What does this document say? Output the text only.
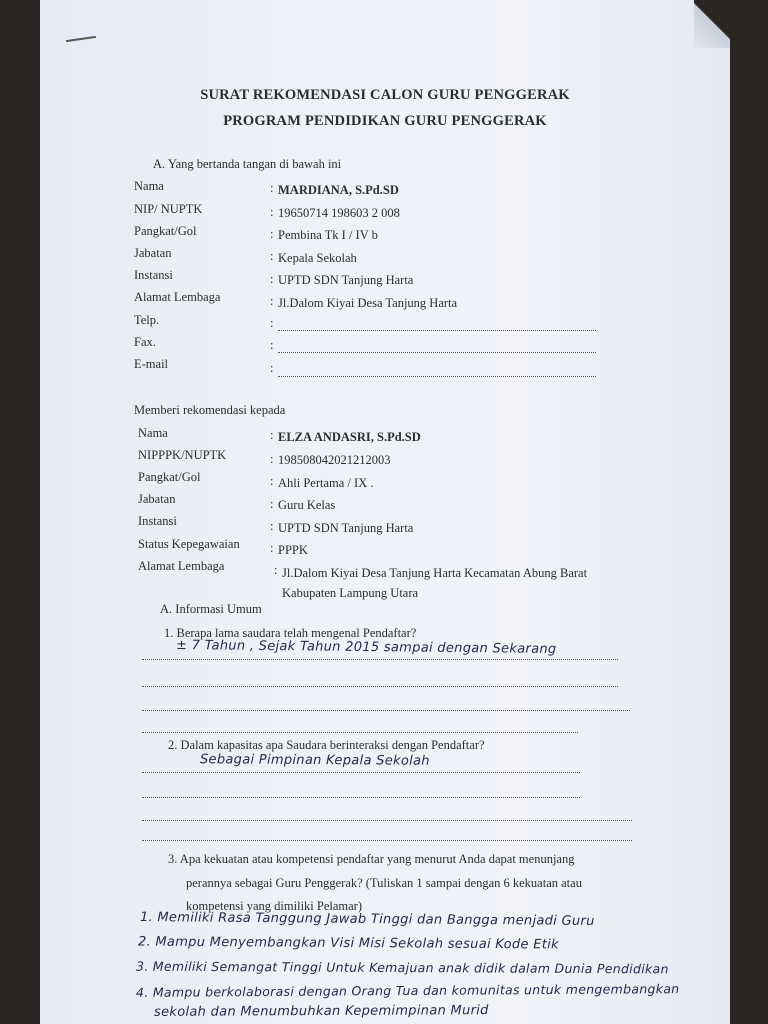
SURAT REKOMENDASI CALON GURU PENGGERAK
PROGRAM PENDIDIKAN GURU PENGGERAK
A. Yang bertanda tangan di bawah ini
Nama	: MARDIANA, S.Pd.SD
NIP/ NUPTK	: 19650714 198603 2 008
Pangkat/Gol	: Pembina Tk I / IV b
Jabatan	: Kepala Sekolah
Instansi	: UPTD SDN Tanjung Harta
Alamat Lembaga	: Jl.Dalom Kiyai Desa Tanjung Harta
Telp.	:
Fax.	:
E-mail	:
Memberi rekomendasi kepada
Nama	: ELZA ANDASRI, S.Pd.SD
NIPPPK/NUPTK	: 198508042021212003
Pangkat/Gol	: Ahli Pertama / IX .
Jabatan	: Guru Kelas
Instansi	: UPTD SDN Tanjung Harta
Status Kepegawaian : PPPK
Alamat Lembaga	: Jl.Dalom Kiyai Desa Tanjung Harta Kecamatan Abung Barat
Kabupaten Lampung Utara
A. Informasi Umum
1. Berapa lama saudara telah mengenal Pendaftar?
± 7 Tahun , Sejak Tahun 2015 sampai dengan Sekarang
2. Dalam kapasitas apa Saudara berinteraksi dengan Pendaftar?
Sebagai Pimpinan Kepala Sekolah
3. Apa kekuatan atau kompetensi pendaftar yang menurut Anda dapat menunjang
perannya sebagai Guru Penggerak? (Tuliskan 1 sampai dengan 6 kekuatan atau
kompetensi yang dimiliki Pelamar)
1. Memiliki Rasa Tanggung Jawab Tinggi dan Bangga menjadi Guru
2. Mampu Menyembangkan Visi Misi Sekolah sesuai Kode Etik
3. Memiliki Semangat Tinggi Untuk Kemajuan anak didik dalam Dunia Pendidikan
4. Mampu berkolaborasi dengan Orang Tua dan komunitas untuk mengembangkan
sekolah dan Menumbuhkan Kepemimpinan Murid
